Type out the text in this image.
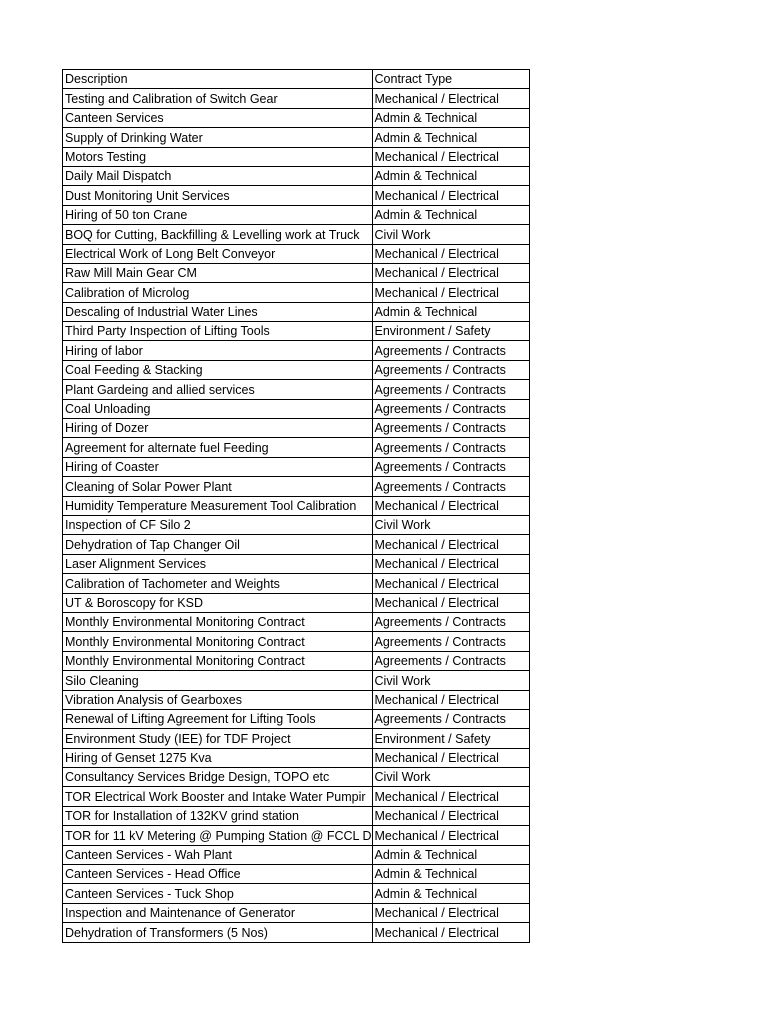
Description	Contract Type
Testing and Calibration of Switch Gear	Mechanical / Electrical
Canteen Services	Admin & Technical
Supply of Drinking Water	Admin & Technical
Motors Testing	Mechanical / Electrical
Daily Mail Dispatch	Admin & Technical
Dust Monitoring Unit Services	Mechanical / Electrical
Hiring of 50 ton Crane	Admin & Technical
BOQ for Cutting, Backfilling & Levelling work at Truck	Civil Work
Electrical Work of Long Belt Conveyor	Mechanical / Electrical
Raw Mill Main Gear CM	Mechanical / Electrical
Calibration of Microlog	Mechanical / Electrical
Descaling of Industrial Water Lines	Admin & Technical
Third Party Inspection of Lifting Tools	Environment / Safety
Hiring of labor	Agreements / Contracts
Coal Feeding & Stacking	Agreements / Contracts
Plant Gardeing and allied services	Agreements / Contracts
Coal Unloading	Agreements / Contracts
Hiring of Dozer	Agreements / Contracts
Agreement for alternate fuel Feeding	Agreements / Contracts
Hiring of Coaster	Agreements / Contracts
Cleaning of Solar Power Plant	Agreements / Contracts
Humidity Temperature Measurement Tool Calibration	Mechanical / Electrical
Inspection of CF Silo 2	Civil Work
Dehydration of Tap Changer Oil	Mechanical / Electrical
Laser Alignment Services	Mechanical / Electrical
Calibration of Tachometer and Weights	Mechanical / Electrical
UT & Boroscopy for KSD	Mechanical / Electrical
Monthly Environmental Monitoring Contract	Agreements / Contracts
Monthly Environmental Monitoring Contract	Agreements / Contracts
Monthly Environmental Monitoring Contract	Agreements / Contracts
Silo Cleaning	Civil Work
Vibration Analysis of Gearboxes	Mechanical / Electrical
Renewal of Lifting Agreement for Lifting Tools	Agreements / Contracts
Environment Study (IEE) for TDF Project	Environment / Safety
Hiring of Genset 1275 Kva	Mechanical / Electrical
Consultancy Services Bridge Design, TOPO etc	Civil Work
TOR Electrical Work Booster and Intake Water Pumpir	Mechanical / Electrical
TOR for Installation of 132KV grind station	Mechanical / Electrical
TOR for 11 kV Metering @ Pumping Station @ FCCL D	Mechanical / Electrical
Canteen Services - Wah Plant	Admin & Technical
Canteen Services - Head Office	Admin & Technical
Canteen Services - Tuck Shop	Admin & Technical
Inspection and Maintenance of Generator	Mechanical / Electrical
Dehydration of Transformers (5 Nos)	Mechanical / Electrical
